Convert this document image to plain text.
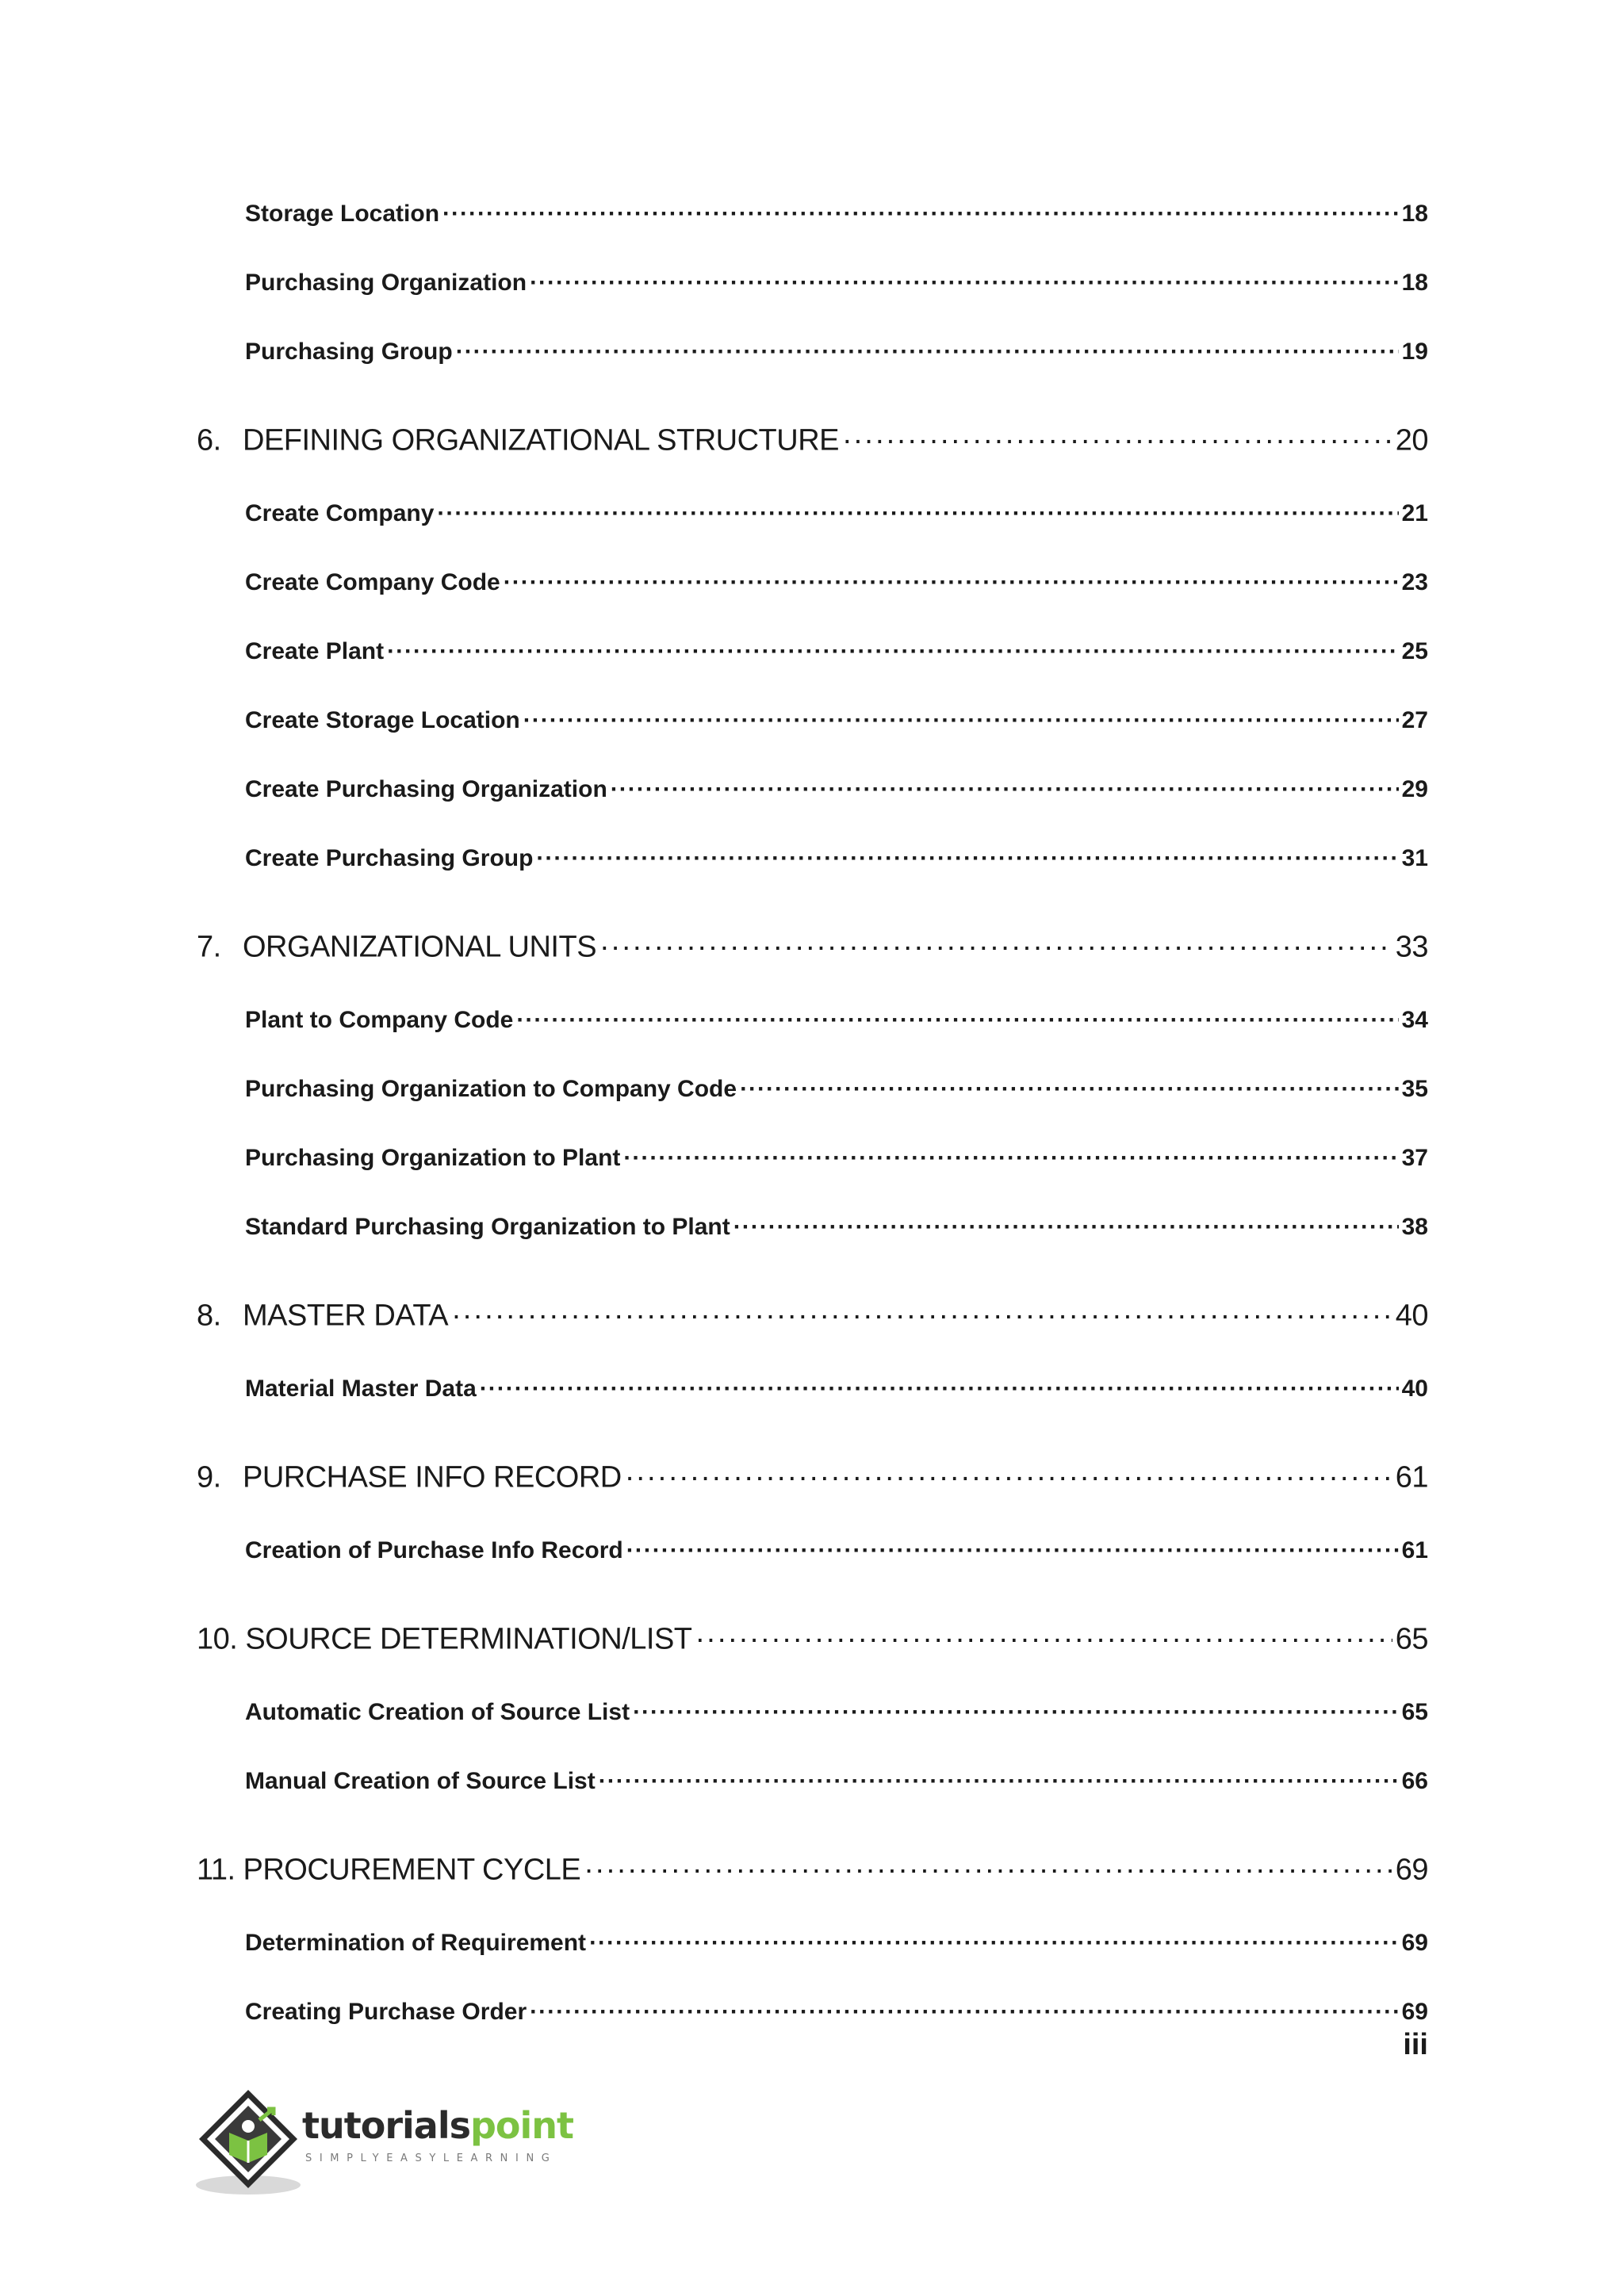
Storage Location ·····	18
Purchasing Organization ·····	18
Purchasing Group ·····	19
6. DEFINING ORGANIZATIONAL STRUCTURE ·····	20
Create Company ·····	21
Create Company Code ·····	23
Create Plant ·····	25
Create Storage Location ·····	27
Create Purchasing Organization ·····	29
Create Purchasing Group ·····	31
7. ORGANIZATIONAL UNITS ·····	33
Plant to Company Code ·····	34
Purchasing Organization to Company Code ·····	35
Purchasing Organization to Plant ·····	37
Standard Purchasing Organization to Plant ·····	38
8. MASTER DATA ·····	40
Material Master Data ·····	40
9. PURCHASE INFO RECORD ·····	61
Creation of Purchase Info Record ·····	61
10. SOURCE DETERMINATION/LIST ·····	65
Automatic Creation of Source List ·····	65
Manual Creation of Source List ·····	66
11. PROCUREMENT CYCLE ·····	69
Determination of Requirement ·····	69
Creating Purchase Order ·····	69
iii
tutorialspoint
SIMPLYEASYLEARNING
